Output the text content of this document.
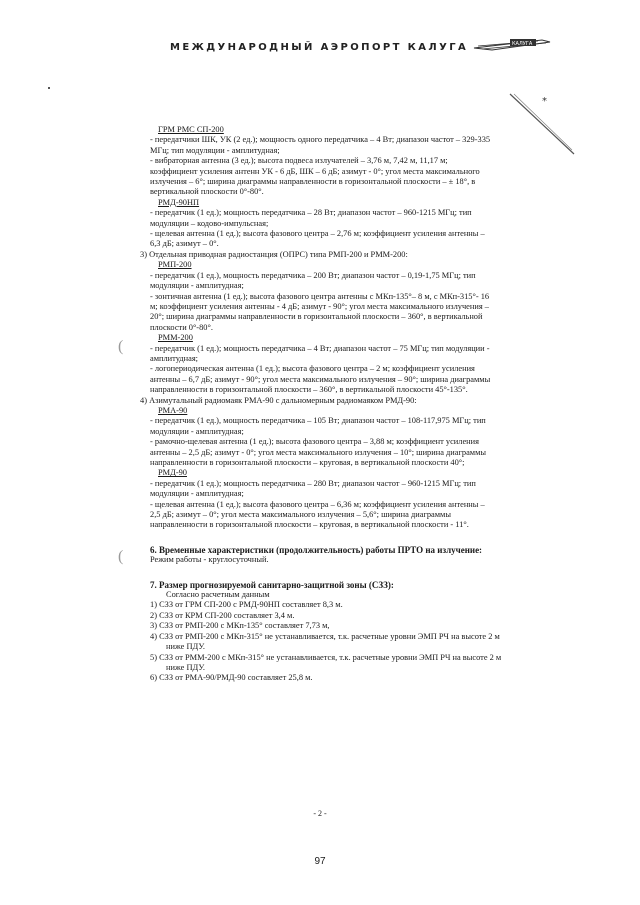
МЕЖДУНАРОДНЫЙ АЭРОПОРТ КАЛУГА	КАЛУГА
*
(
(
ГРМ РМС СП-200
- передатчики ШК, УК (2 ед.); мощность одного передатчика – 4 Вт; диапазон частот – 329-335
МГц; тип модуляции - амплитудная;
- вибраторная антенна (3 ед.); высота подвеса излучателей – 3,76 м, 7,42 м, 11,17 м;
коэффициент усиления антенн УК - 6 дБ, ШК – 6 дБ; азимут - 0°; угол места максимального
излучения – 6°; ширина диаграммы направленности в горизонтальной плоскости – ± 18°, в
вертикальной плоскости 0°-80°.
РМД-90НП
- передатчик (1 ед.); мощность передатчика – 28 Вт; диапазон частот – 960-1215 МГц; тип
модуляции – кодово-импульсная;
- щелевая антенна (1 ед.); высота фазового центра – 2,76 м; коэффициент усиления антенны –
6,3 дБ; азимут – 0°.
3) Отдельная приводная радиостанция (ОПРС) типа РМП-200 и РММ-200:
РМП-200
- передатчик (1 ед.), мощность передатчика – 200 Вт; диапазон частот – 0,19-1,75 МГц; тип
модуляции - амплитудная;
- зонтичная антенна (1 ед.); высота фазового центра антенны с МКп-135°– 8 м, с МКп-315°- 16
м; коэффициент усиления антенны - 4 дБ; азимут - 90°; угол места максимального излучения –
20°; ширина диаграммы направленности в горизонтальной плоскости – 360°, в вертикальной
плоскости 0°-80°.
РММ-200
- передатчик (1 ед.); мощность передатчика – 4 Вт; диапазон частот – 75 МГц; тип модуляции -
амплитудная;
- логопериодическая антенна (1 ед.); высота фазового центра – 2 м; коэффициент усиления
антенны – 6,7 дБ; азимут - 90°; угол места максимального излучения – 90°; ширина диаграммы
направленности в горизонтальной плоскости – 360°, в вертикальной плоскости 45°-135°.
4) Азимутальный радиомаяк РМА-90 с дальномерным радиомаяком РМД-90:
РМА-90
- передатчик (1 ед.), мощность передатчика – 105 Вт; диапазон частот – 108-117,975 МГц; тип
модуляции - амплитудная;
- рамочно-щелевая антенна (1 ед.); высота фазового центра – 3,88 м; коэффициент усиления
антенны – 2,5 дБ; азимут - 0°; угол места максимального излучения – 10°; ширина диаграммы
направленности в горизонтальной плоскости – круговая, в вертикальной плоскости 40°;
РМД-90
- передатчик (1 ед.); мощность передатчика – 280 Вт; диапазон частот – 960-1215 МГц; тип
модуляции - амплитудная;
- щелевая антенна (1 ед.); высота фазового центра – 6,36 м; коэффициент усиления антенны –
2,5 дБ; азимут – 0°; угол места максимального излучения – 5,6°; ширина диаграммы
направленности в горизонтальной плоскости – круговая, в вертикальной плоскости - 11°.
6. Временные характеристики (продолжительность) работы ПРТО на излучение:
Режим работы - круглосуточный.
7. Размер прогнозируемой санитарно-защитной зоны (СЗЗ):
Согласно расчетным данным
1) СЗЗ от ГРМ СП-200 с РМД-90НП составляет 8,3 м.
2) СЗЗ от КРМ СП-200 составляет 3,4 м.
3) СЗЗ от РМП-200 с МКп-135° составляет 7,73 м,
4) СЗЗ от РМП-200 с МКп-315° не устанавливается, т.к. расчетные уровни ЭМП РЧ на высоте 2 м
ниже ПДУ.
5) СЗЗ от РММ-200 с МКп-315° не устанавливается, т.к. расчетные уровни ЭМП РЧ на высоте 2 м
ниже ПДУ.
6) СЗЗ от РМА-90/РМД-90 составляет 25,8 м.
- 2 -
97
